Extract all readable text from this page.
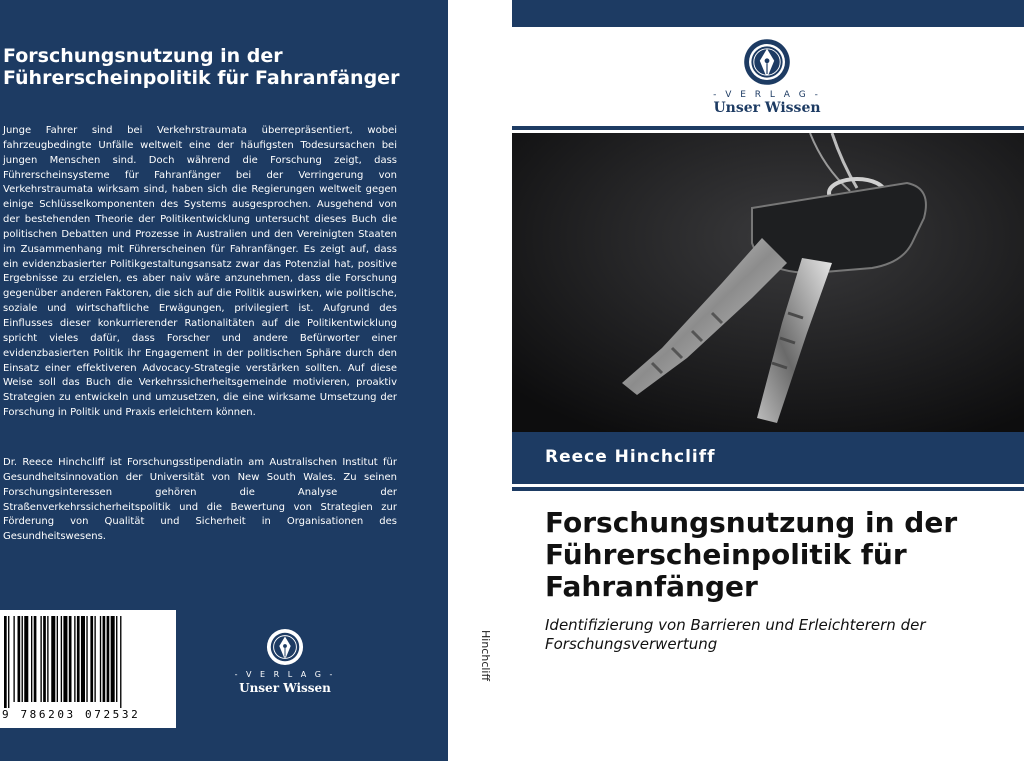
Forschungsnutzung in der Führerscheinpolitik für Fahranfänger

Junge Fahrer sind bei Verkehrstraumata überrepräsentiert, wobei fahrzeugbedingte Unfälle weltweit eine der häufigsten Todesursachen bei jungen Menschen sind. Doch während die Forschung zeigt, dass Führerscheinsysteme für Fahranfänger bei der Verringerung von Verkehrstraumata wirksam sind, haben sich die Regierungen weltweit gegen einige Schlüsselkomponenten des Systems ausgesprochen. Ausgehend von der bestehenden Theorie der Politikentwicklung untersucht dieses Buch die politischen Debatten und Prozesse in Australien und den Vereinigten Staaten im Zusammenhang mit Führerscheinen für Fahranfänger. Es zeigt auf, dass ein evidenzbasierter Politikgestaltungsansatz zwar das Potenzial hat, positive Ergebnisse zu erzielen, es aber naiv wäre anzunehmen, dass die Forschung gegenüber anderen Faktoren, die sich auf die Politik auswirken, wie politische, soziale und wirtschaftliche Erwägungen, privilegiert ist. Aufgrund des Einflusses dieser konkurrierender Rationalitäten auf die Politikentwicklung spricht vieles dafür, dass Forscher und andere Befürworter einer evidenzbasierten Politik ihr Engagement in der politischen Sphäre durch den Einsatz einer effektiveren Advocacy-Strategie verstärken sollten. Auf diese Weise soll das Buch die Verkehrssicherheitsgemeinde motivieren, proaktiv Strategien zu entwickeln und umzusetzen, die eine wirksame Umsetzung der Forschung in Politik und Praxis erleichtern können.

Dr. Reece Hinchcliff ist Forschungsstipendiatin am Australischen Institut für Gesundheitsinnovation der Universität von New South Wales. Zu seinen Forschungsinteressen gehören die Analyse der Straßenverkehrssicherheitspolitik und die Bewertung von Strategien zur Förderung von Qualität und Sicherheit in Organisationen des Gesundheitswesens.

9 786203 072532
- V E R L A G -
Unser Wissen
Hinchcliff
- V E R L A G -
Unser Wissen
Reece Hinchcliff
Forschungsnutzung in der Führerscheinpolitik für Fahranfänger

Identifizierung von Barrieren und Erleichterern der Forschungsverwertung
